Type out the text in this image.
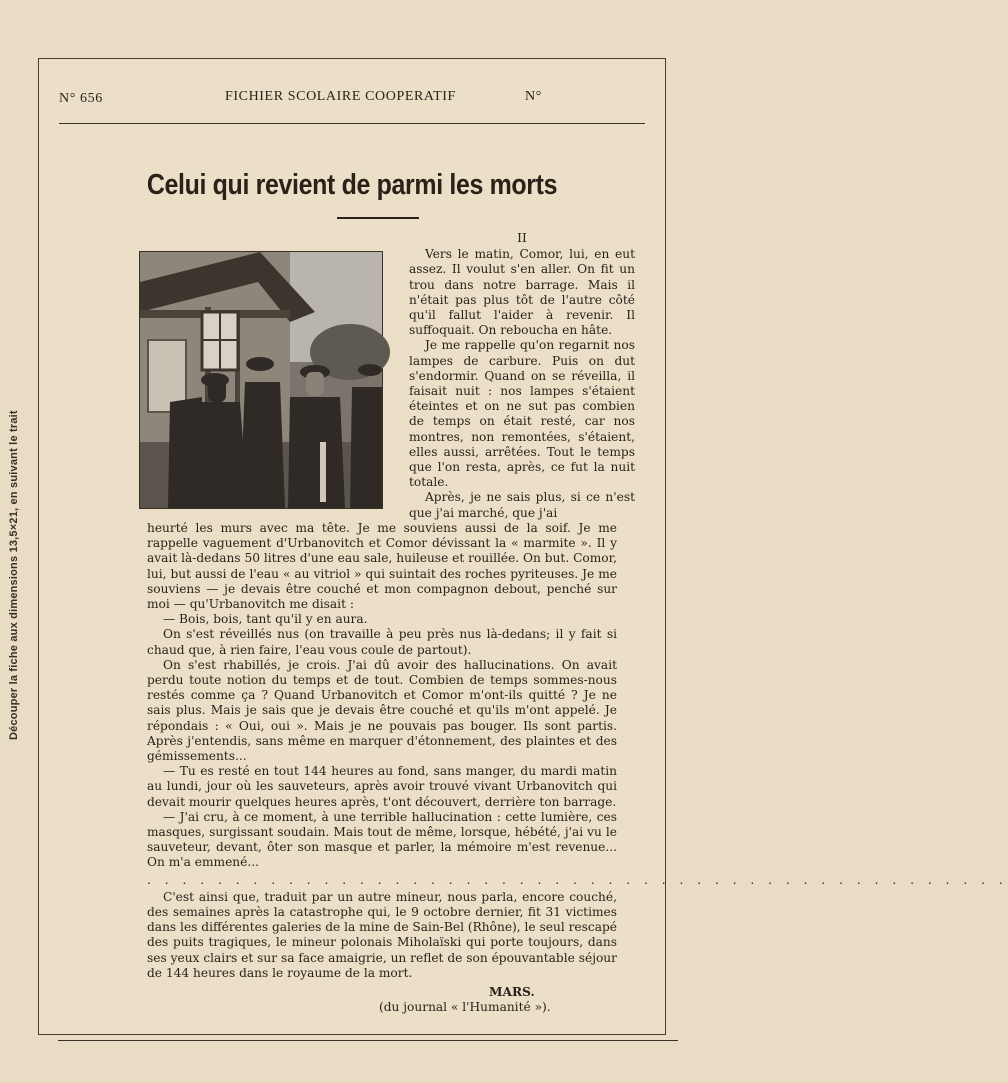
Découper la fiche aux dimensions 13,5×21, en suivant le trait
N° 656	FICHIER SCOLAIRE COOPERATIF	N°
Celui qui revient de parmi les morts

II

Vers le matin, Comor, lui, en eut assez. Il voulut s'en aller. On fit un trou dans notre barrage. Mais il n'était pas plus tôt de l'autre côté qu'il fallut l'aider à revenir. Il suffoquait. On reboucha en hâte.

Je me rappelle qu'on regarnit nos lampes de carbure. Puis on dut s'endormir. Quand on se réveilla, il faisait nuit : nos lampes s'étaient éteintes et on ne sut pas combien de temps on était resté, car nos montres, non remontées, s'étaient, elles aussi, arrêtées. Tout le temps que l'on resta, après, ce fut la nuit totale.

Après, je ne sais plus, si ce n'est que j'ai marché, que j'ai

heurté les murs avec ma tête. Je me souviens aussi de la soif. Je me rappelle vaguement d'Urbanovitch et Comor dévissant la « marmite ». Il y avait là-dedans 50 litres d'une eau sale, huileuse et rouillée. On but. Comor, lui, but aussi de l'eau « au vitriol » qui suintait des roches pyriteuses. Je me souviens — je devais être couché et mon compagnon debout, penché sur moi — qu'Urbanovitch me disait :

— Bois, bois, tant qu'il y en aura.

On s'est réveillés nus (on travaille à peu près nus là-dedans; il y fait si chaud que, à rien faire, l'eau vous coule de partout).

On s'est rhabillés, je crois. J'ai dû avoir des hallucinations. On avait perdu toute notion du temps et de tout. Combien de temps sommes-nous restés comme ça ? Quand Urbanovitch et Comor m'ont-ils quitté ? Je ne sais plus. Mais je sais que je devais être couché et qu'ils m'ont appelé. Je répondais : « Oui, oui ». Mais je ne pouvais pas bouger. Ils sont partis. Après j'entendis, sans même en marquer d'étonnement, des plaintes et des gémissements...

— Tu es resté en tout 144 heures au fond, sans manger, du mardi matin au lundi, jour où les sauveteurs, après avoir trouvé vivant Urbanovitch qui devait mourir quelques heures après, t'ont découvert, derrière ton barrage.

— J'ai cru, à ce moment, à une terrible hallucination : cette lumière, ces masques, surgissant soudain. Mais tout de même, lorsque, hébété, j'ai vu le sauveteur, devant, ôter son masque et parler, la mémoire m'est revenue... On m'a emmené...

. . . . . . . . . . . . . . . . . . . . . . . . . . . . . . . . . . . . . . . . . . . . . . . . .

C'est ainsi que, traduit par un autre mineur, nous parla, encore couché, des semaines après la catastrophe qui, le 9 octobre dernier, fit 31 victimes dans les différentes galeries de la mine de Sain-Bel (Rhône), le seul rescapé des puits tragiques, le mineur polonais Miholaïski qui porte toujours, dans ses yeux clairs et sur sa face amaigrie, un reflet de son épouvantable séjour de 144 heures dans le royaume de la mort.

MARS.
(du journal « l'Humanité »).
